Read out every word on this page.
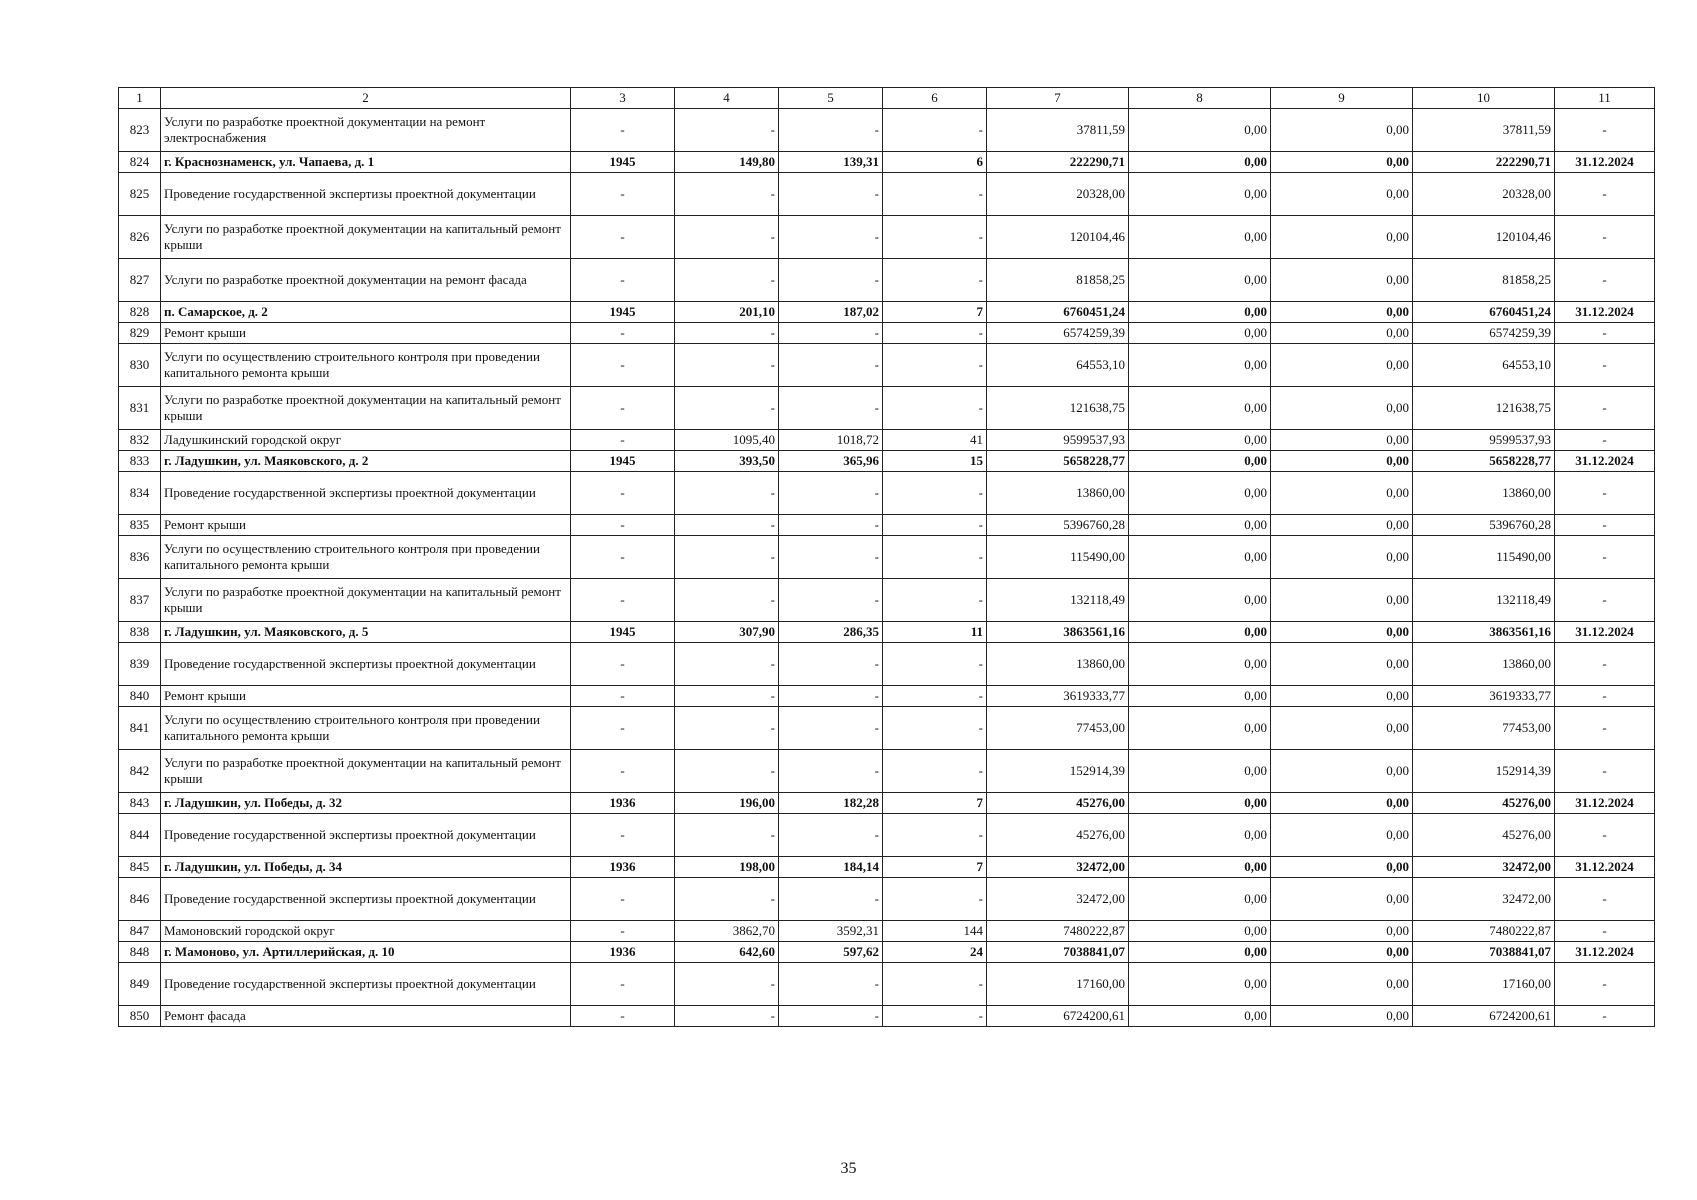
1	2	3	4	5	6	7	8	9	10	11
823	Услуги по разработке проектной документации на ремонт электроснабжения	-	-	-	-	37811,59	0,00	0,00	37811,59	-
824	г. Краснознаменск, ул. Чапаева, д. 1	1945	149,80	139,31	6	222290,71	0,00	0,00	222290,71	31.12.2024
825	Проведение государственной экспертизы проектной документации	-	-	-	-	20328,00	0,00	0,00	20328,00	-
826	Услуги по разработке проектной документации на капитальный ремонт крыши	-	-	-	-	120104,46	0,00	0,00	120104,46	-
827	Услуги по разработке проектной документации на ремонт фасада	-	-	-	-	81858,25	0,00	0,00	81858,25	-
828	п. Самарское, д. 2	1945	201,10	187,02	7	6760451,24	0,00	0,00	6760451,24	31.12.2024
829	Ремонт крыши	-	-	-	-	6574259,39	0,00	0,00	6574259,39	-
830	Услуги по осуществлению строительного контроля при проведении капитального ремонта крыши	-	-	-	-	64553,10	0,00	0,00	64553,10	-
831	Услуги по разработке проектной документации на капитальный ремонт крыши	-	-	-	-	121638,75	0,00	0,00	121638,75	-
832	Ладушкинский городской округ	-	1095,40	1018,72	41	9599537,93	0,00	0,00	9599537,93	-
833	г. Ладушкин, ул. Маяковского, д. 2	1945	393,50	365,96	15	5658228,77	0,00	0,00	5658228,77	31.12.2024
834	Проведение государственной экспертизы проектной документации	-	-	-	-	13860,00	0,00	0,00	13860,00	-
835	Ремонт крыши	-	-	-	-	5396760,28	0,00	0,00	5396760,28	-
836	Услуги по осуществлению строительного контроля при проведении капитального ремонта крыши	-	-	-	-	115490,00	0,00	0,00	115490,00	-
837	Услуги по разработке проектной документации на капитальный ремонт крыши	-	-	-	-	132118,49	0,00	0,00	132118,49	-
838	г. Ладушкин, ул. Маяковского, д. 5	1945	307,90	286,35	11	3863561,16	0,00	0,00	3863561,16	31.12.2024
839	Проведение государственной экспертизы проектной документации	-	-	-	-	13860,00	0,00	0,00	13860,00	-
840	Ремонт крыши	-	-	-	-	3619333,77	0,00	0,00	3619333,77	-
841	Услуги по осуществлению строительного контроля при проведении капитального ремонта крыши	-	-	-	-	77453,00	0,00	0,00	77453,00	-
842	Услуги по разработке проектной документации на капитальный ремонт крыши	-	-	-	-	152914,39	0,00	0,00	152914,39	-
843	г. Ладушкин, ул. Победы, д. 32	1936	196,00	182,28	7	45276,00	0,00	0,00	45276,00	31.12.2024
844	Проведение государственной экспертизы проектной документации	-	-	-	-	45276,00	0,00	0,00	45276,00	-
845	г. Ладушкин, ул. Победы, д. 34	1936	198,00	184,14	7	32472,00	0,00	0,00	32472,00	31.12.2024
846	Проведение государственной экспертизы проектной документации	-	-	-	-	32472,00	0,00	0,00	32472,00	-
847	Мамоновский городской округ	-	3862,70	3592,31	144	7480222,87	0,00	0,00	7480222,87	-
848	г. Мамоново, ул. Артиллерийская, д. 10	1936	642,60	597,62	24	7038841,07	0,00	0,00	7038841,07	31.12.2024
849	Проведение государственной экспертизы проектной документации	-	-	-	-	17160,00	0,00	0,00	17160,00	-
850	Ремонт фасада	-	-	-	-	6724200,61	0,00	0,00	6724200,61	-
35
